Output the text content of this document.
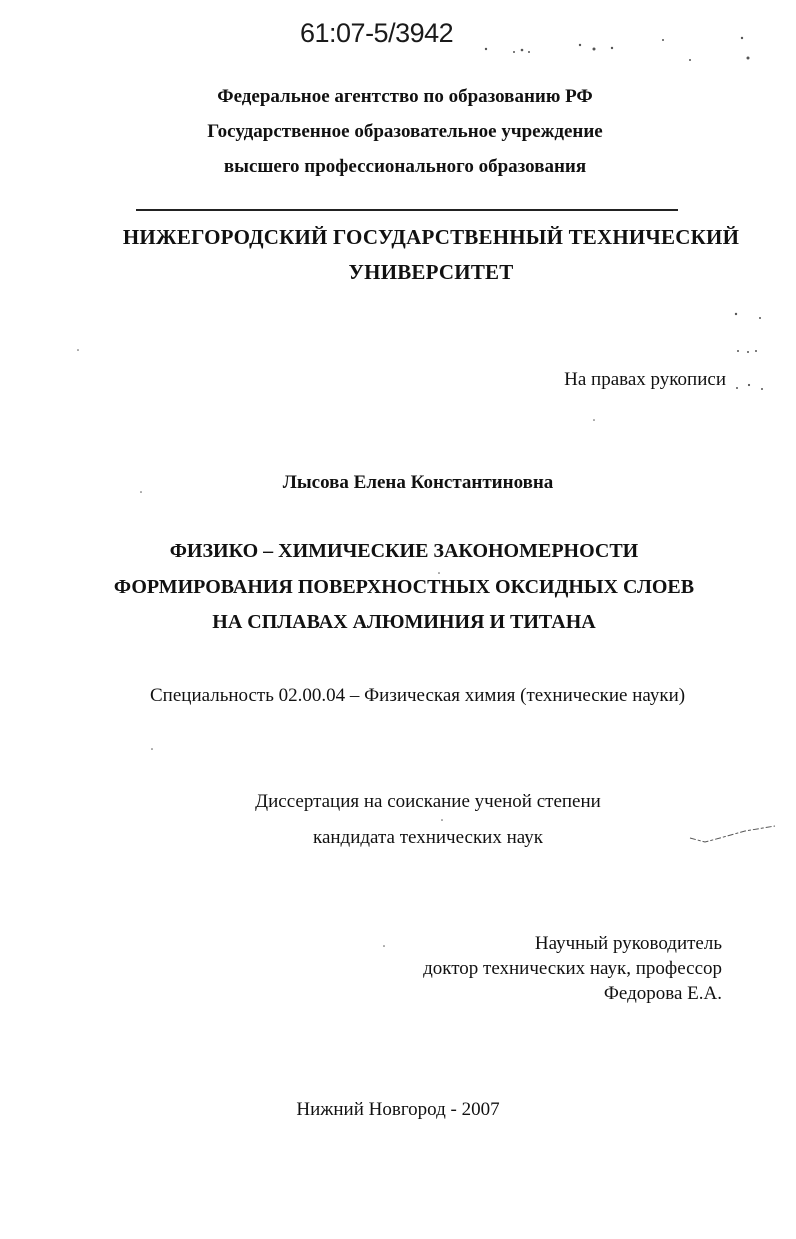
61:07-5/3942
Федеральное агентство по образованию РФ
Государственное образовательное учреждение
высшего профессионального образования
НИЖЕГОРОДСКИЙ ГОСУДАРСТВЕННЫЙ ТЕХНИЧЕСКИЙ
УНИВЕРСИТЕТ
На правах рукописи
Лысова Елена Константиновна
ФИЗИКО – ХИМИЧЕСКИЕ ЗАКОНОМЕРНОСТИ
ФОРМИРОВАНИЯ ПОВЕРХНОСТНЫХ ОКСИДНЫХ СЛОЕВ
НА СПЛАВАХ АЛЮМИНИЯ И ТИТАНА
Специальность 02.00.04 – Физическая химия (технические науки)
Диссертация на соискание ученой степени
кандидата технических наук
Научный руководитель
доктор технических наук, профессор
Федорова Е.А.
Нижний Новгород - 2007
